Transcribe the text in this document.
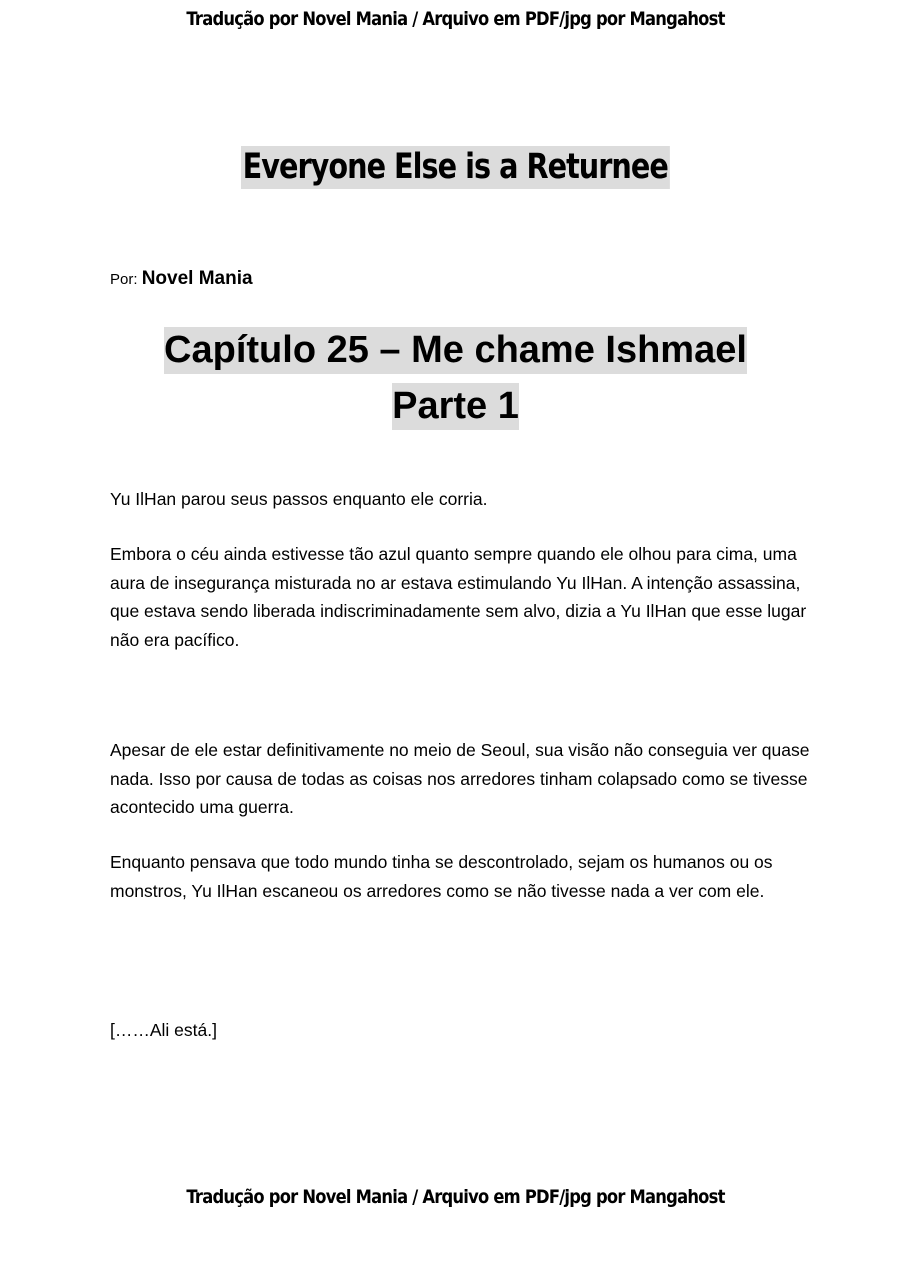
Tradução por Novel Mania / Arquivo em PDF/jpg por Mangahost
Everyone Else is a Returnee
Por: Novel Mania
Capítulo 25 – Me chame Ishmael
Parte 1

Yu IlHan parou seus passos enquanto ele corria.

Embora o céu ainda estivesse tão azul quanto sempre quando ele olhou para cima, uma aura de insegurança misturada no ar estava estimulando Yu IlHan. A intenção assassina, que estava sendo liberada indiscriminadamente sem alvo, dizia a Yu IlHan que esse lugar não era pacífico.

Apesar de ele estar definitivamente no meio de Seoul, sua visão não conseguia ver quase nada. Isso por causa de todas as coisas nos arredores tinham colapsado como se tivesse acontecido uma guerra.

Enquanto pensava que todo mundo tinha se descontrolado, sejam os humanos ou os monstros, Yu IlHan escaneou os arredores como se não tivesse nada a ver com ele.

[……Ali está.]

Tradução por Novel Mania / Arquivo em PDF/jpg por Mangahost
